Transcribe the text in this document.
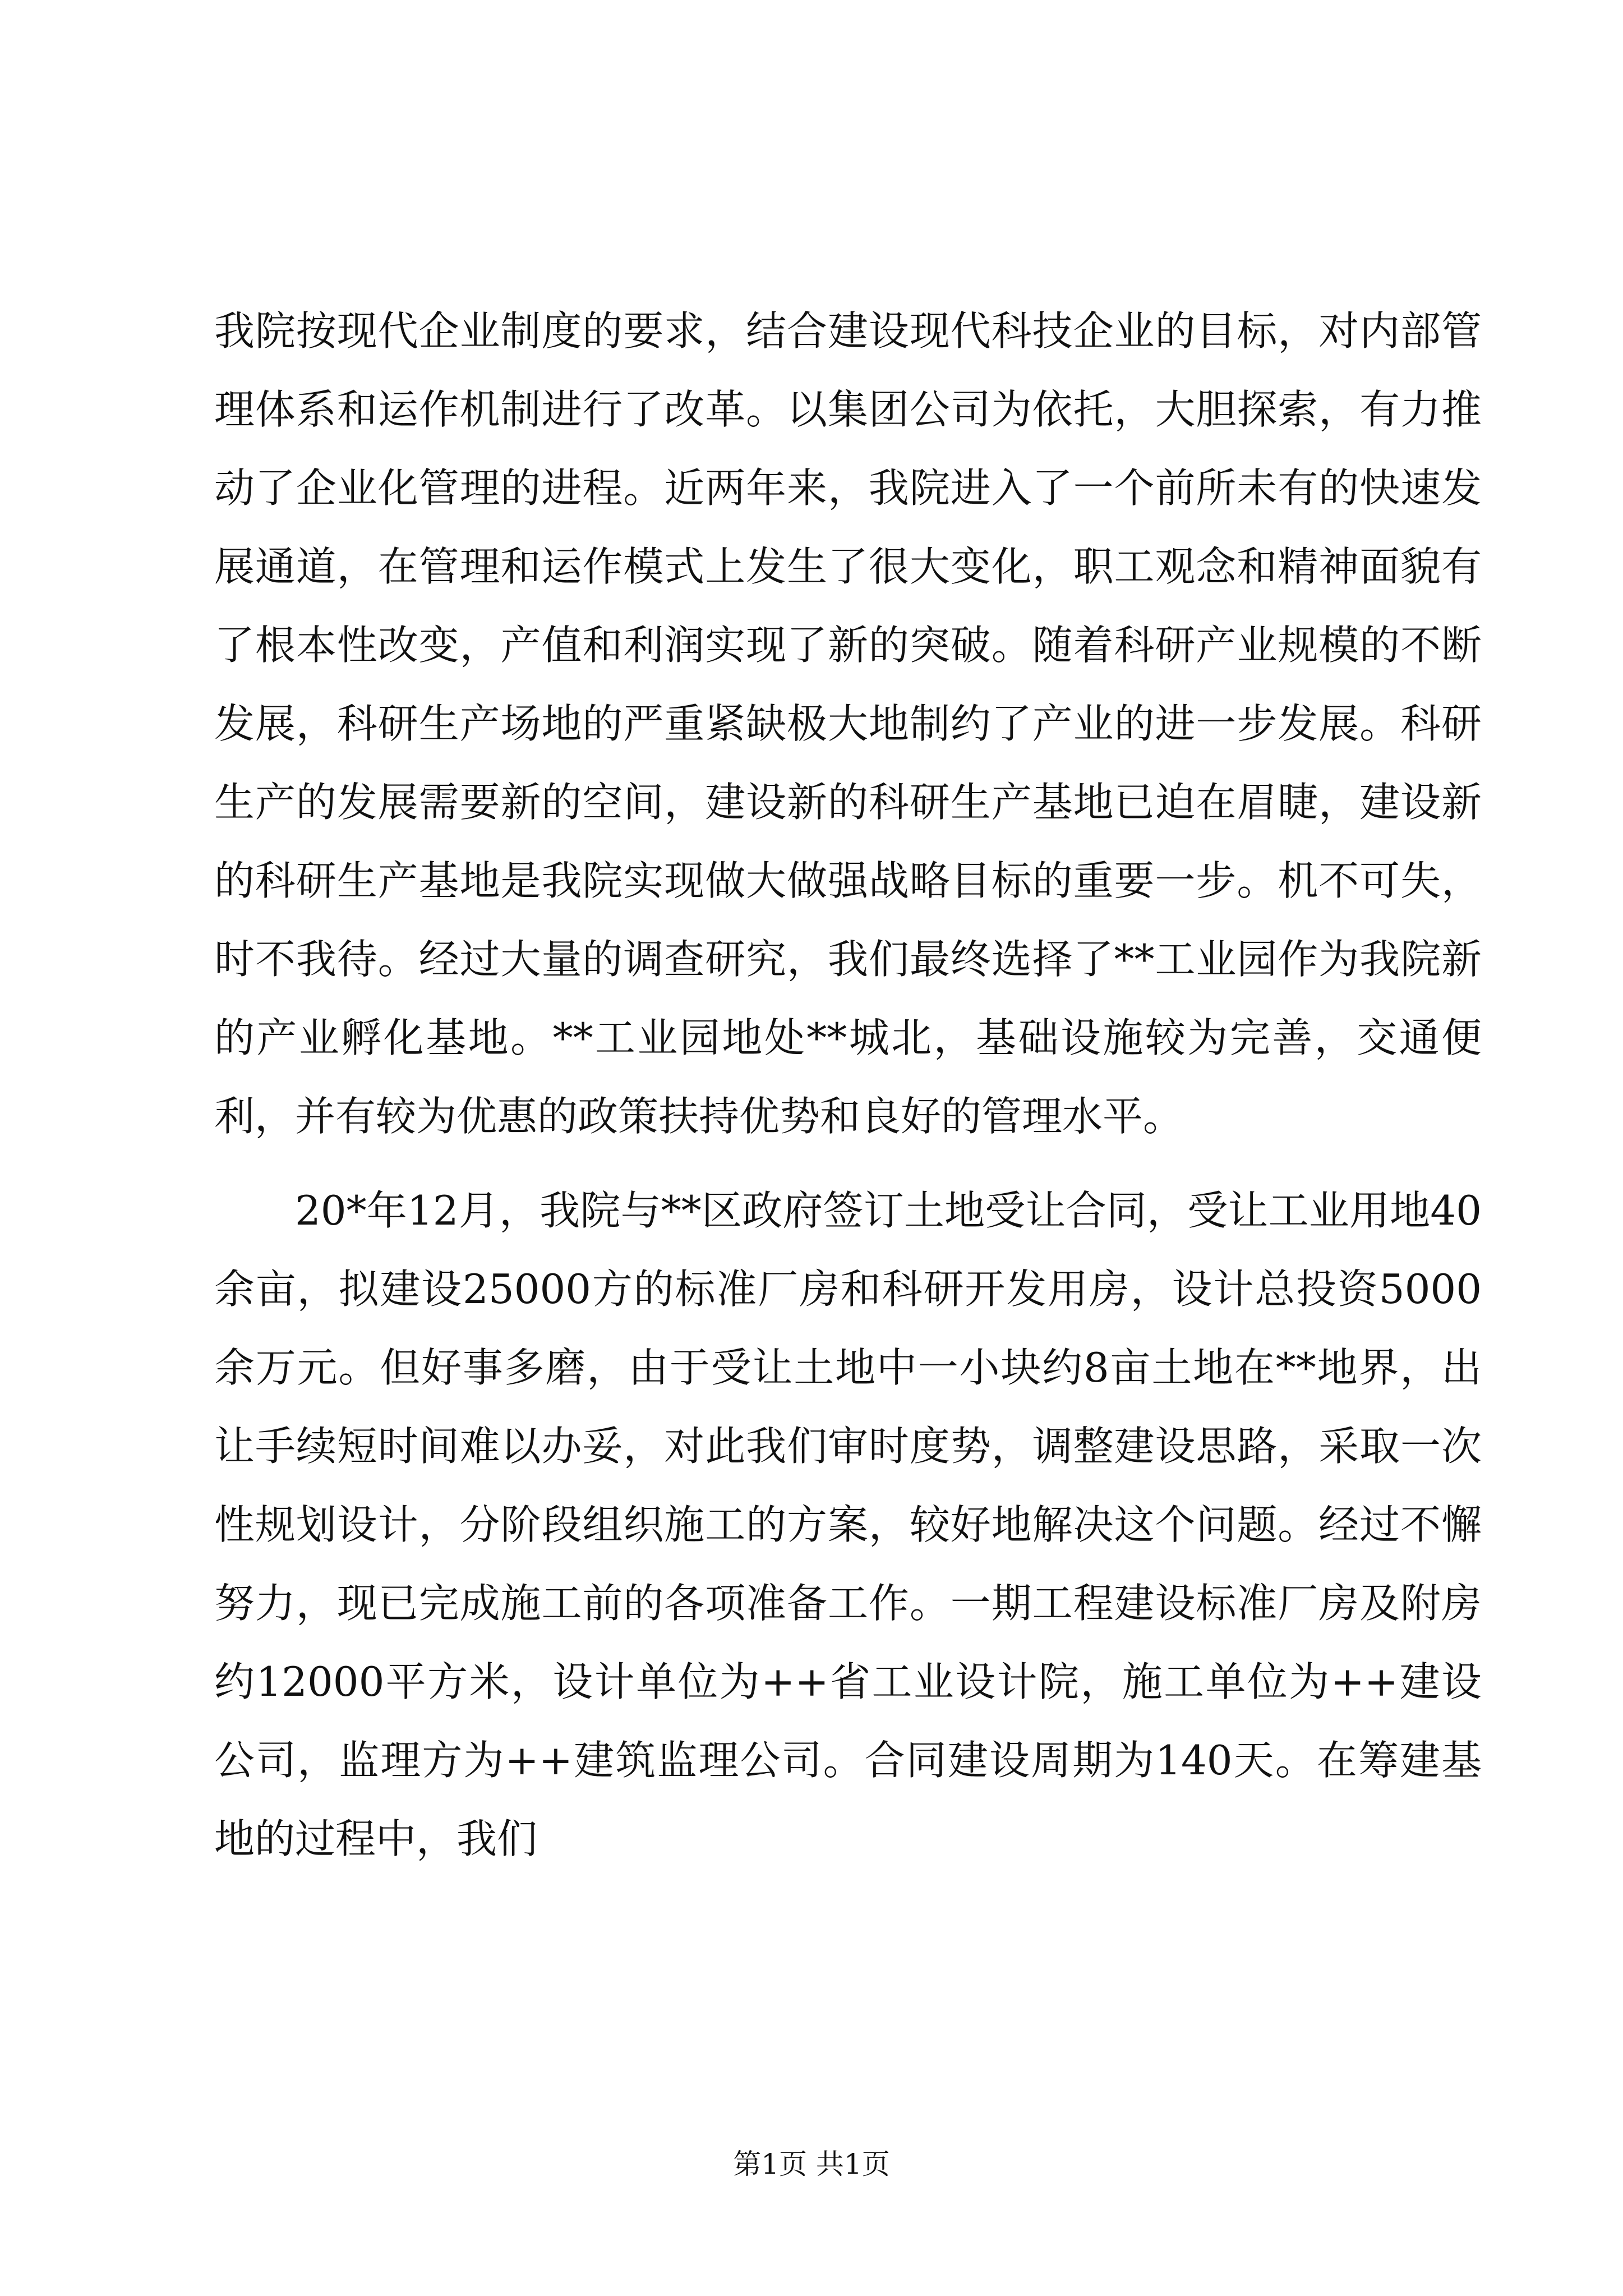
我院按现代企业制度的要求，结合建设现代科技企业的目标，对内部管理体系和运作机制进行了改革。以集团公司为依托，大胆探索，有力推动了企业化管理的进程。近两年来，我院进入了一个前所未有的快速发展通道，在管理和运作模式上发生了很大变化，职工观念和精神面貌有了根本性改变，产值和利润实现了新的突破。随着科研产业规模的不断发展，科研生产场地的严重紧缺极大地制约了产业的进一步发展。科研生产的发展需要新的空间，建设新的科研生产基地已迫在眉睫，建设新的科研生产基地是我院实现做大做强战略目标的重要一步。机不可失，时不我待。经过大量的调查研究，我们最终选择了**工业园作为我院新的产业孵化基地。**工业园地处**城北，基础设施较为完善，交通便利，并有较为优惠的政策扶持优势和良好的管理水平。

20*年12月，我院与**区政府签订土地受让合同，受让工业用地40余亩，拟建设25000方的标准厂房和科研开发用房，设计总投资5000余万元。但好事多磨，由于受让土地中一小块约8亩土地在**地界，出让手续短时间难以办妥，对此我们审时度势，调整建设思路，采取一次性规划设计，分阶段组织施工的方案，较好地解决这个问题。经过不懈努力，现已完成施工前的各项准备工作。一期工程建设标准厂房及附房约12000平方米，设计单位为++省工业设计院，施工单位为++建设公司，监理方为++建筑监理公司。合同建设周期为140天。在筹建基地的过程中，我们

第1页 共1页
